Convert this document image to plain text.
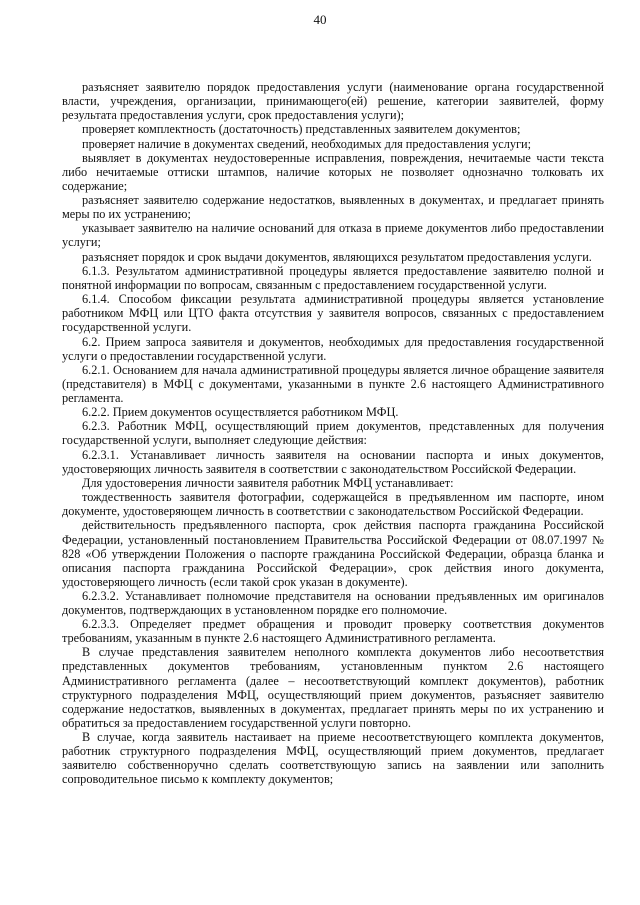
40

разъясняет заявителю порядок предоставления услуги (наименование органа государственной власти, учреждения, организации, принимающего(ей) решение, категории заявителей, форму результата предоставления услуги, срок предоставления услуги);

проверяет комплектность (достаточность) представленных заявителем документов;

проверяет наличие в документах сведений, необходимых для предоставления услуги;

выявляет в документах неудостоверенные исправления, повреждения, нечитаемые части текста либо нечитаемые оттиски штампов, наличие которых не позволяет однозначно толковать их содержание;

разъясняет заявителю содержание недостатков, выявленных в документах, и предлагает принять меры по их устранению;

указывает заявителю на наличие оснований для отказа в приеме документов либо предоставлении услуги;

разъясняет порядок и срок выдачи документов, являющихся результатом предоставления услуги.

6.1.3. Результатом административной процедуры является предоставление заявителю полной и понятной информации по вопросам, связанным с предоставлением государственной услуги.

6.1.4. Способом фиксации результата административной процедуры является установление работником МФЦ или ЦТО факта отсутствия у заявителя вопросов, связанных с предоставлением государственной услуги.

6.2. Прием запроса заявителя и документов, необходимых для предоставления государственной услуги о предоставлении государственной услуги.

6.2.1. Основанием для начала административной процедуры является личное обращение заявителя (представителя) в МФЦ с документами, указанными в пункте 2.6 настоящего Административного регламента.

6.2.2. Прием документов осуществляется работником МФЦ.

6.2.3. Работник МФЦ, осуществляющий прием документов, представленных для получения государственной услуги, выполняет следующие действия:

6.2.3.1. Устанавливает личность заявителя на основании паспорта и иных документов, удостоверяющих личность заявителя в соответствии с законодательством Российской Федерации.

Для удостоверения личности заявителя работник МФЦ устанавливает:

тождественность заявителя фотографии, содержащейся в предъявленном им паспорте, ином документе, удостоверяющем личность в соответствии с законодательством Российской Федерации.

действительность предъявленного паспорта, срок действия паспорта гражданина Российской Федерации, установленный постановлением Правительства Российской Федерации от 08.07.1997 № 828 «Об утверждении Положения о паспорте гражданина Российской Федерации, образца бланка и описания паспорта гражданина Российской Федерации», срок действия иного документа, удостоверяющего личность (если такой срок указан в документе).

6.2.3.2. Устанавливает полномочие представителя на основании предъявленных им оригиналов документов, подтверждающих в установленном порядке его полномочие.

6.2.3.3. Определяет предмет обращения и проводит проверку соответствия документов требованиям, указанным в пункте 2.6 настоящего Административного регламента.

В случае представления заявителем неполного комплекта документов либо несоответствия представленных документов требованиям, установленным пунктом 2.6 настоящего Административного регламента (далее – несоответствующий комплект документов), работник структурного подразделения МФЦ, осуществляющий прием документов, разъясняет заявителю содержание недостатков, выявленных в документах, предлагает принять меры по их устранению и обратиться за предоставлением государственной услуги повторно.

В случае, когда заявитель настаивает на приеме несоответствующего комплекта документов, работник структурного подразделения МФЦ, осуществляющий прием документов, предлагает заявителю собственноручно сделать соответствующую запись на заявлении или заполнить сопроводительное письмо к комплекту документов;
